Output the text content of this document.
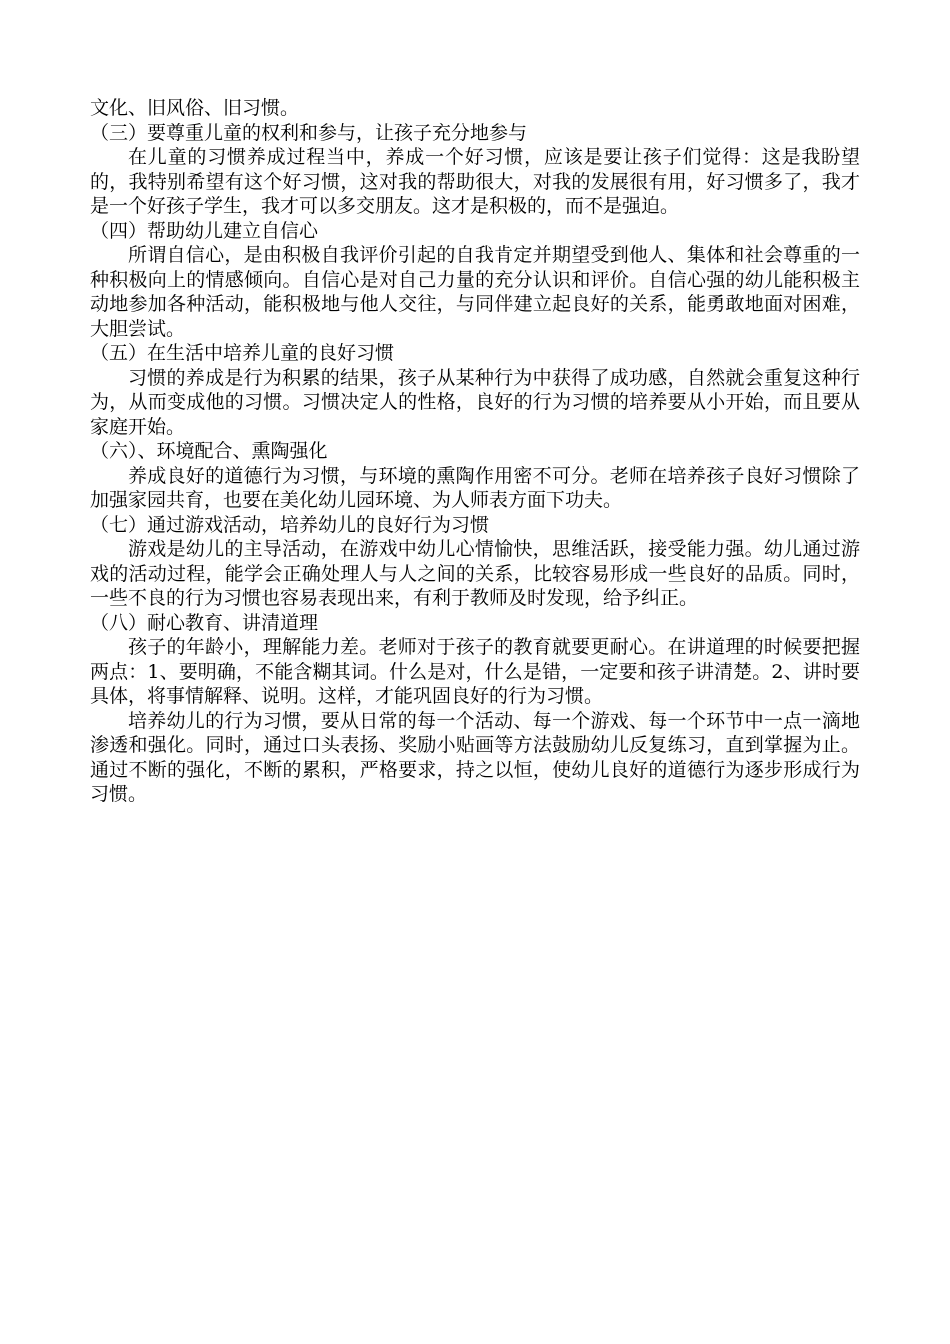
文化、旧风俗、旧习惯。

（三）要尊重儿童的权利和参与，让孩子充分地参与

在儿童的习惯养成过程当中，养成一个好习惯，应该是要让孩子们觉得：这是我盼望的，我特别希望有这个好习惯，这对我的帮助很大，对我的发展很有用，好习惯多了，我才是一个好孩子学生，我才可以多交朋友。这才是积极的，而不是强迫。

（四）帮助幼儿建立自信心

所谓自信心，是由积极自我评价引起的自我肯定并期望受到他人、集体和社会尊重的一种积极向上的情感倾向。自信心是对自己力量的充分认识和评价。自信心强的幼儿能积极主动地参加各种活动，能积极地与他人交往，与同伴建立起良好的关系，能勇敢地面对困难，大胆尝试。

（五）在生活中培养儿童的良好习惯

习惯的养成是行为积累的结果，孩子从某种行为中获得了成功感，自然就会重复这种行为，从而变成他的习惯。习惯决定人的性格，良好的行为习惯的培养要从小开始，而且要从家庭开始。

（六）、环境配合、熏陶强化

养成良好的道德行为习惯，与环境的熏陶作用密不可分。老师在培养孩子良好习惯除了加强家园共育，也要在美化幼儿园环境、为人师表方面下功夫。

（七）通过游戏活动，培养幼儿的良好行为习惯

游戏是幼儿的主导活动，在游戏中幼儿心情愉快，思维活跃，接受能力强。幼儿通过游戏的活动过程，能学会正确处理人与人之间的关系，比较容易形成一些良好的品质。同时，一些不良的行为习惯也容易表现出来，有利于教师及时发现，给予纠正。

（八）耐心教育、讲清道理

孩子的年龄小，理解能力差。老师对于孩子的教育就要更耐心。在讲道理的时候要把握两点：1、要明确，不能含糊其词。什么是对，什么是错，一定要和孩子讲清楚。2、讲时要具体，将事情解释、说明。这样，才能巩固良好的行为习惯。

培养幼儿的行为习惯，要从日常的每一个活动、每一个游戏、每一个环节中一点一滴地渗透和强化。同时，通过口头表扬、奖励小贴画等方法鼓励幼儿反复练习，直到掌握为止。通过不断的强化，不断的累积，严格要求，持之以恒，使幼儿良好的道德行为逐步形成行为习惯。
